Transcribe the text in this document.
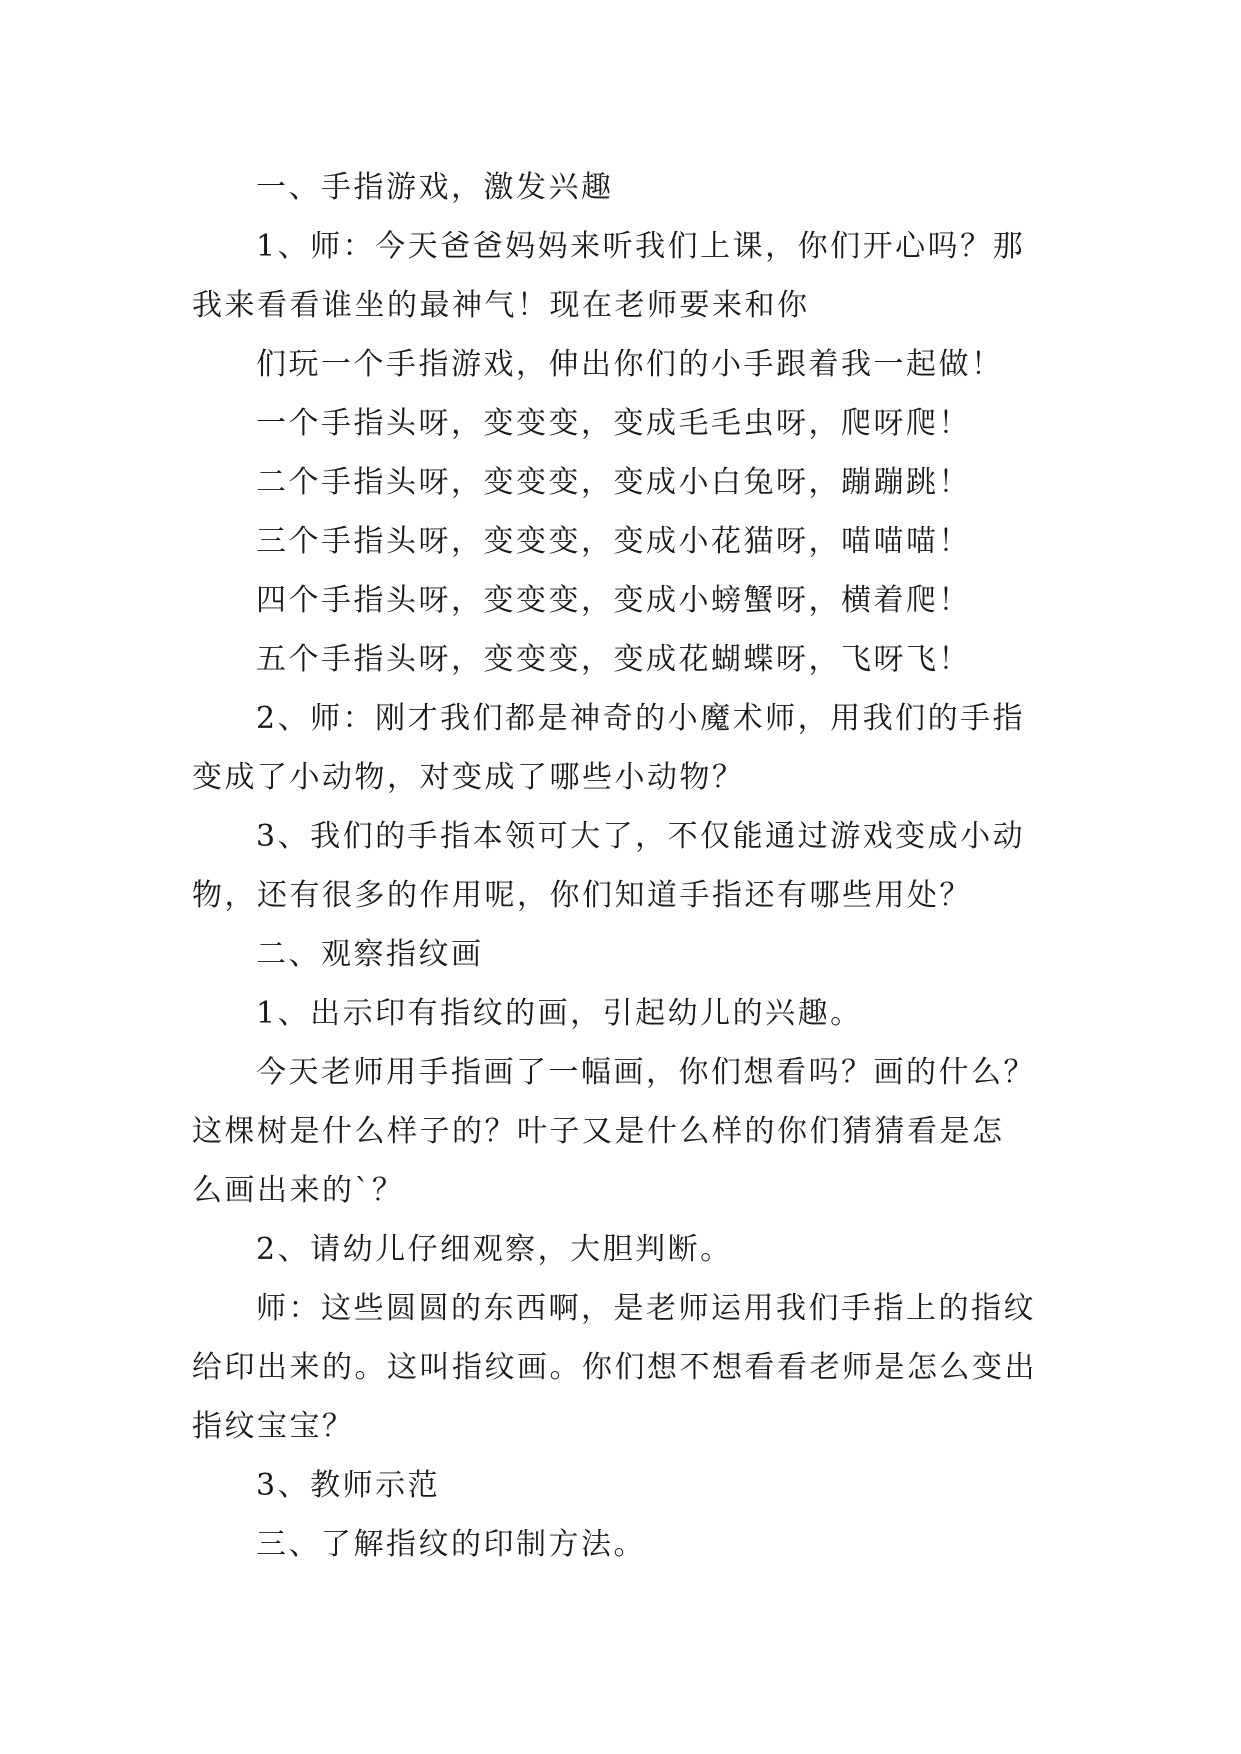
一、手指游戏，激发兴趣

1、师：今天爸爸妈妈来听我们上课，你们开心吗？那

我来看看谁坐的最神气！现在老师要来和你

们玩一个手指游戏，伸出你们的小手跟着我一起做！

一个手指头呀，变变变，变成毛毛虫呀，爬呀爬！

二个手指头呀，变变变，变成小白兔呀，蹦蹦跳！

三个手指头呀，变变变，变成小花猫呀，喵喵喵！

四个手指头呀，变变变，变成小螃蟹呀，横着爬！

五个手指头呀，变变变，变成花蝴蝶呀，飞呀飞！

2、师：刚才我们都是神奇的小魔术师，用我们的手指

变成了小动物，对变成了哪些小动物？

3、我们的手指本领可大了，不仅能通过游戏变成小动

物，还有很多的作用呢，你们知道手指还有哪些用处？

二、观察指纹画

1、出示印有指纹的画，引起幼儿的兴趣。

今天老师用手指画了一幅画，你们想看吗？画的什么？

这棵树是什么样子的？叶子又是什么样的你们猜猜看是怎

么画出来的`？

2、请幼儿仔细观察，大胆判断。

师：这些圆圆的东西啊，是老师运用我们手指上的指纹

给印出来的。这叫指纹画。你们想不想看看老师是怎么变出

指纹宝宝？

3、教师示范

三、了解指纹的印制方法。
